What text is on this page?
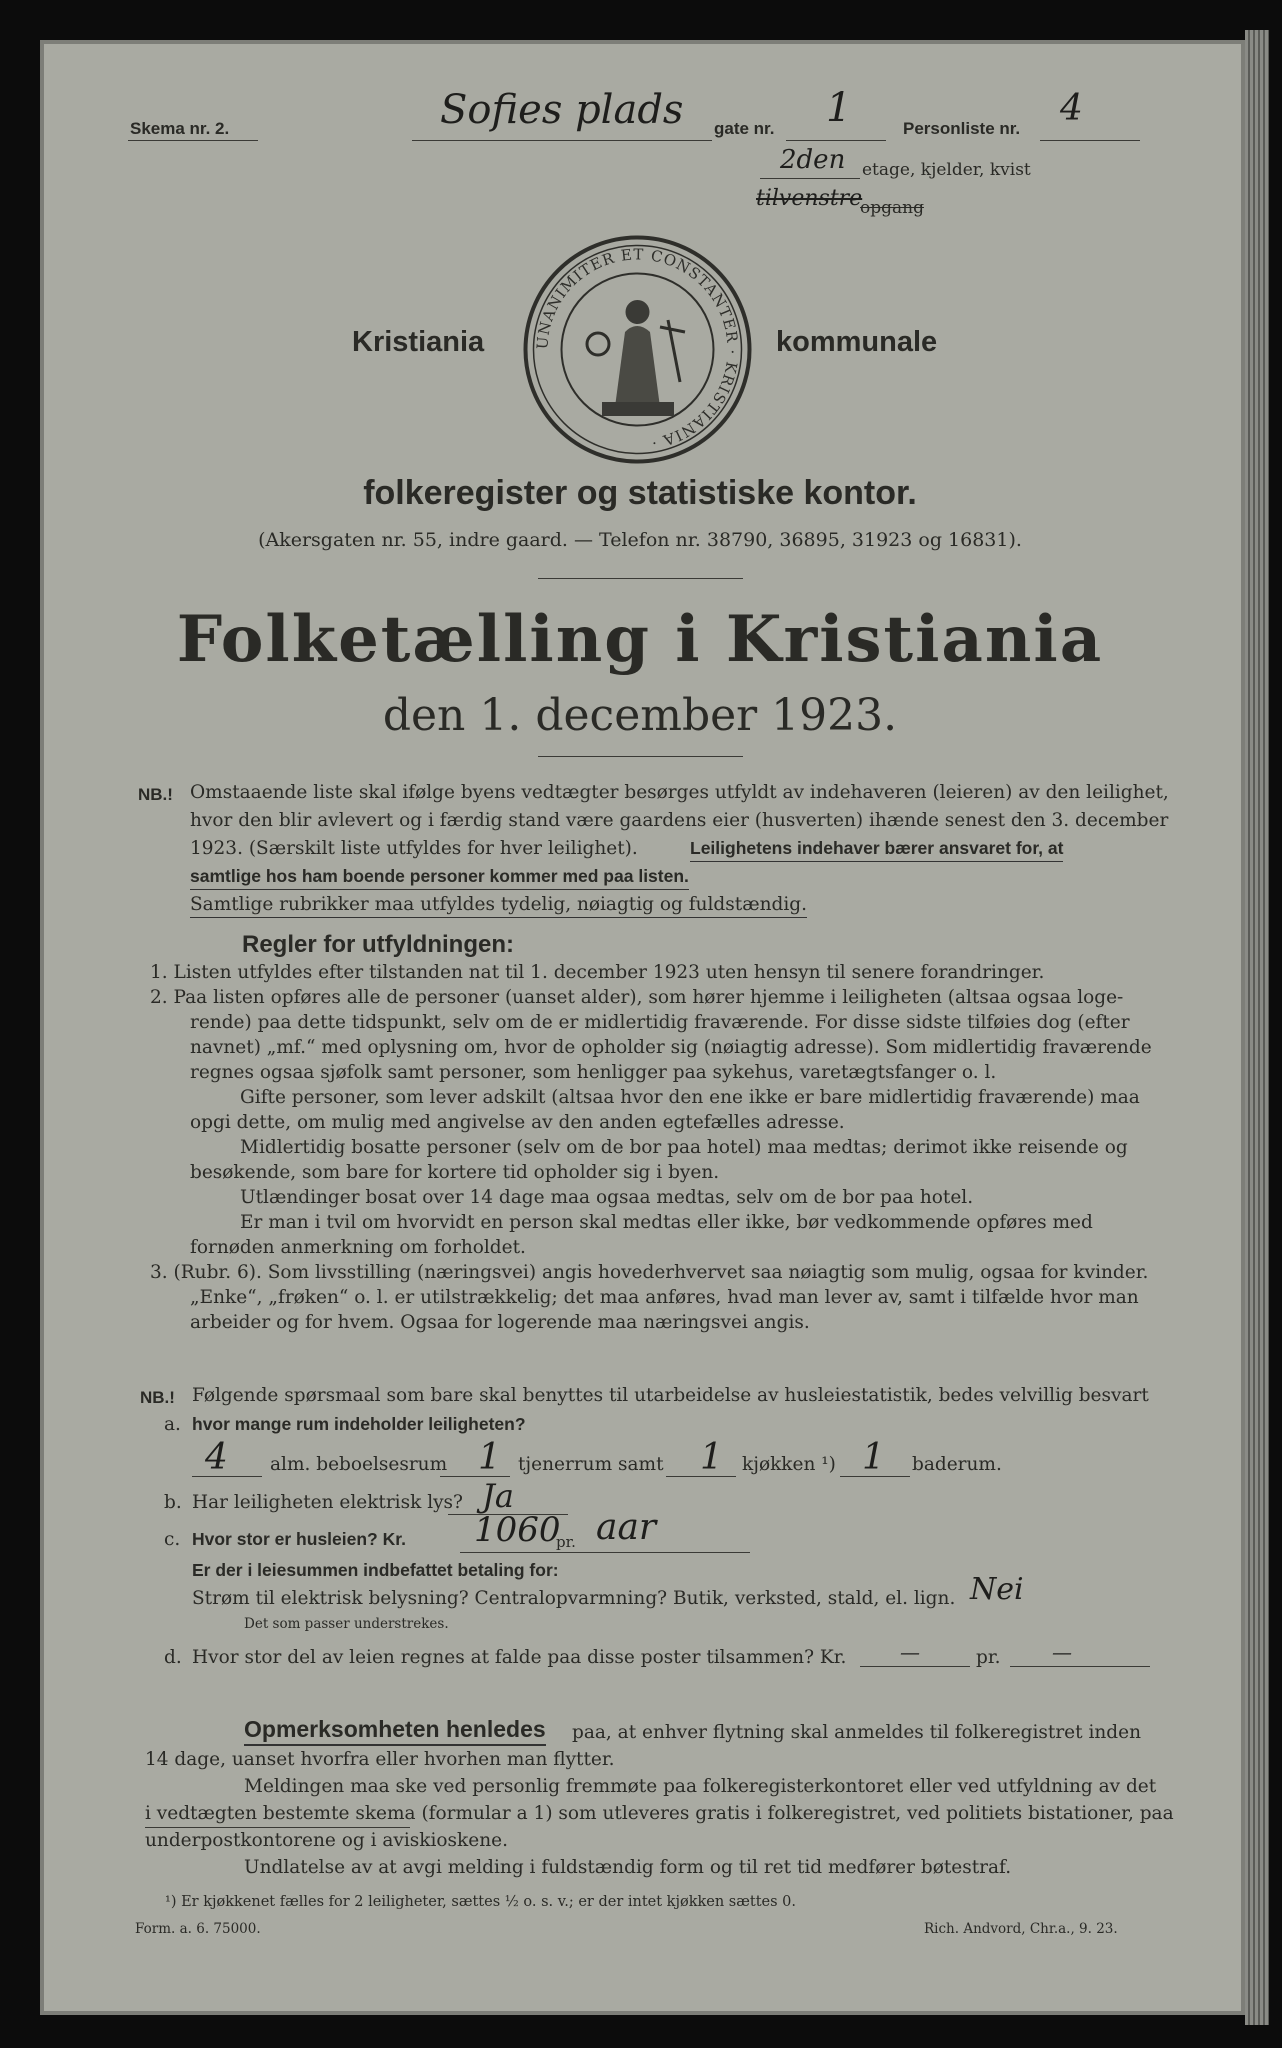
Skema nr. 2.	Sofies plads gate nr. 1	Personliste nr. 4
2den etage, kjelder, kvist
tilvenstre
opgang
UNANIMITER ET CONSTANTER · KRISTIANIA ·
Kristiania	kommunale
folkeregister og statistiske kontor.
(Akersgaten nr. 55, indre gaard. — Telefon nr. 38790, 36895, 31923 og 16831).
Folketælling i Kristiania
den 1. december 1923.
NB.! Omstaaende liste skal ifølge byens vedtægter besørges utfyldt av indehaveren (leieren) av den leilighet,
hvor den blir avlevert og i færdig stand være gaardens eier (husverten) ihænde senest den 3. december
1923. (Særskilt liste utfyldes for hver leilighet).	Leilighetens indehaver bærer ansvaret for, at
samtlige hos ham boende personer kommer med paa listen.
Samtlige rubrikker maa utfyldes tydelig, nøiagtig og fuldstændig.
Regler for utfyldningen:
1. Listen utfyldes efter tilstanden nat til 1. december 1923 uten hensyn til senere forandringer.
2. Paa listen opføres alle de personer (uanset alder), som hører hjemme i leiligheten (altsaa ogsaa loge-
rende) paa dette tidspunkt, selv om de er midlertidig fraværende. For disse sidste tilføies dog (efter
navnet) „mf.“ med oplysning om, hvor de opholder sig (nøiagtig adresse). Som midlertidig fraværende
regnes ogsaa sjøfolk samt personer, som henligger paa sykehus, varetægtsfanger o. l.
Gifte personer, som lever adskilt (altsaa hvor den ene ikke er bare midlertidig fraværende) maa
opgi dette, om mulig med angivelse av den anden egtefælles adresse.
Midlertidig bosatte personer (selv om de bor paa hotel) maa medtas; derimot ikke reisende og
besøkende, som bare for kortere tid opholder sig i byen.
Utlændinger bosat over 14 dage maa ogsaa medtas, selv om de bor paa hotel.
Er man i tvil om hvorvidt en person skal medtas eller ikke, bør vedkommende opføres med
fornøden anmerkning om forholdet.
3. (Rubr. 6). Som livsstilling (næringsvei) angis hovederhvervet saa nøiagtig som mulig, ogsaa for kvinder.
„Enke“, „frøken“ o. l. er utilstrækkelig; det maa anføres, hvad man lever av, samt i tilfælde hvor man
arbeider og for hvem. Ogsaa for logerende maa næringsvei angis.
NB.! Følgende spørsmaal som bare skal benyttes til utarbeidelse av husleiestatistik, bedes velvillig besvart
a. hvor mange rum indeholder leiligheten?
4 alm. beboelsesrum 1 tjenerrum samt 1 kjøkken ¹) 1 baderum.
b. Har leiligheten elektrisk lys? Ja
c. Hvor stor er husleien? Kr. 1060
pr. aar
Er der i leiesummen indbefattet betaling for:
Strøm til elektrisk belysning? Centralopvarmning? Butik, verksted, stald, el. lign. Nei
Det som passer understrekes.
d. Hvor stor del av leien regnes at falde paa disse poster tilsammen? Kr.	—	pr.	—
Opmerksomheten henledes paa, at enhver flytning skal anmeldes til folkeregistret inden
14 dage, uanset hvorfra eller hvorhen man flytter.
Meldingen maa ske ved personlig fremmøte paa folkeregisterkontoret eller ved utfyldning av det
i vedtægten bestemte skema (formular a 1) som utleveres gratis i folkeregistret, ved politiets bistationer, paa
underpostkontorene og i aviskioskene.
Undlatelse av at avgi melding i fuldstændig form og til ret tid medfører bøtestraf.
¹) Er kjøkkenet fælles for 2 leiligheter, sættes ½ o. s. v.; er der intet kjøkken sættes 0.
Form. a. 6. 75000.	Rich. Andvord, Chr.a., 9. 23.
